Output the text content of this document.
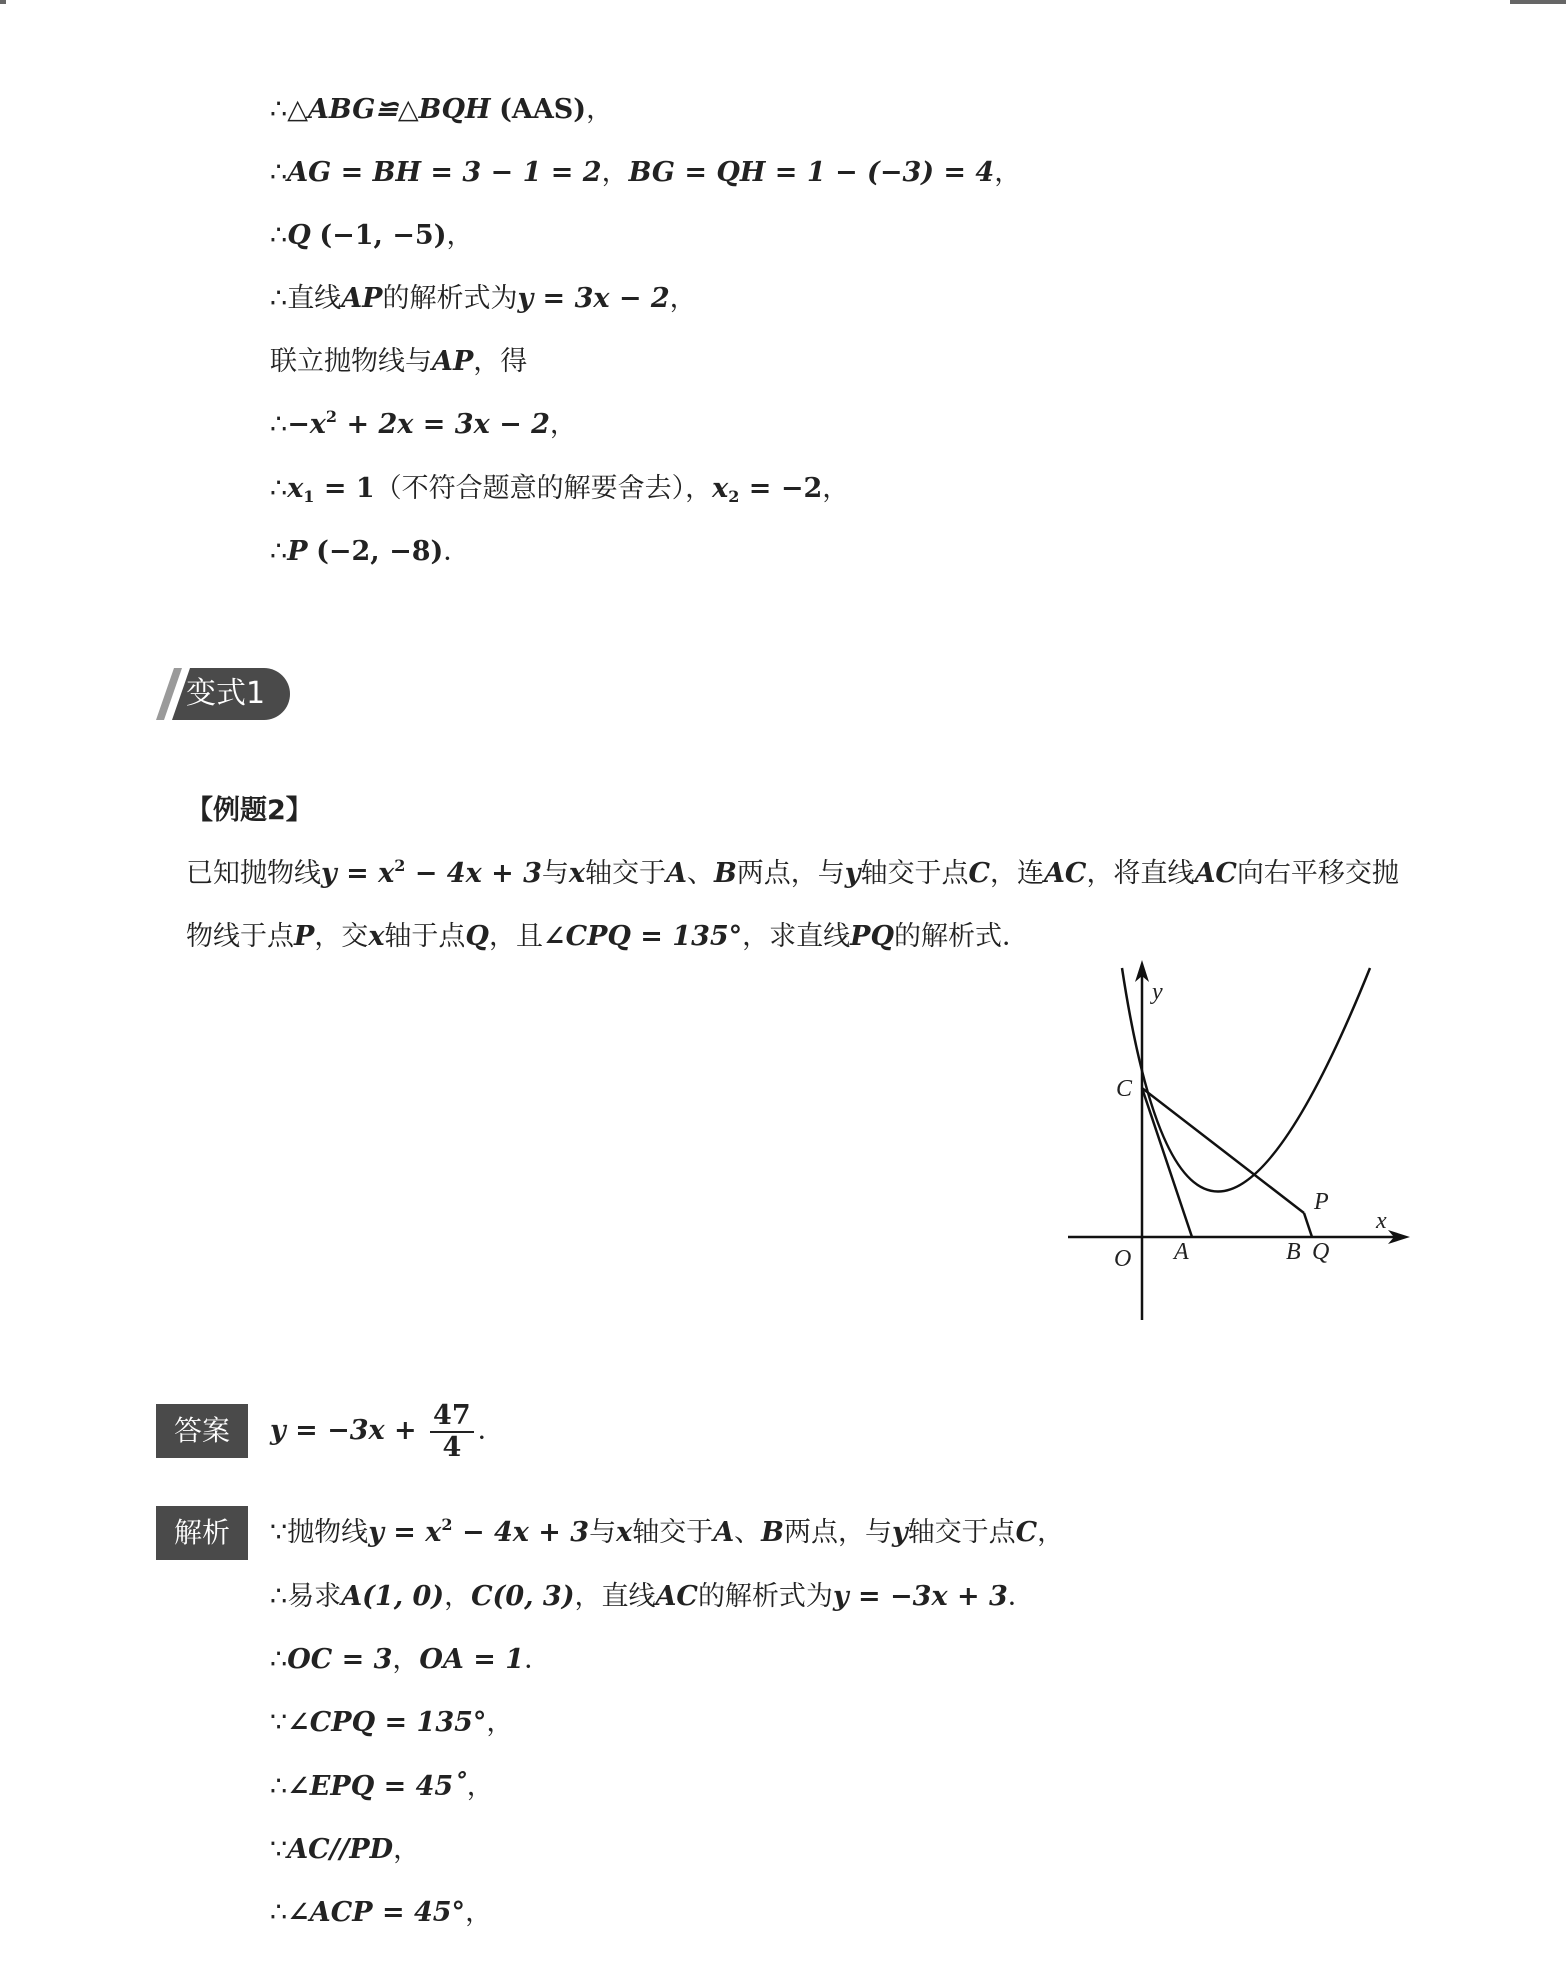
∴△ABG≌△BQH (AAS)，
∴AG = BH = 3 − 1 = 2，BG = QH = 1 − (−3) = 4，
∴Q (−1, −5)，
∴直线AP的解析式为y = 3x − 2，
联立抛物线与AP，得
$\therefore-x^2 + 2x = 3x - 2$，
$\therefore x_1 = 1$（不符合题意的解要舍去），$x_2 = -2$，
∴P (−2, −8)．
变式1
【例题2】
已知抛物线$y = x^2 - 4x + 3$与x轴交于A、B两点，与y轴交于点C，连AC，将直线AC向右平移交抛
物线于点P，交x轴于点Q，且∠CPQ = 135°，求直线PQ的解析式．
y
x
O A	B Q
C
P
答案	$y = -3x + \frac{47}{4}$ ．
解析	∵抛物线$y = x^2 - 4x + 3$与x轴交于A、B两点，与y轴交于点C，
∴易求A(1, 0)，C(0, 3)，直线AC的解析式为y = −3x + 3．
∴OC = 3，OA = 1．
∵∠CPQ = 135°，
∴∠EPQ = 45˚，
∵AC//PD，
∴∠ACP = 45°，
